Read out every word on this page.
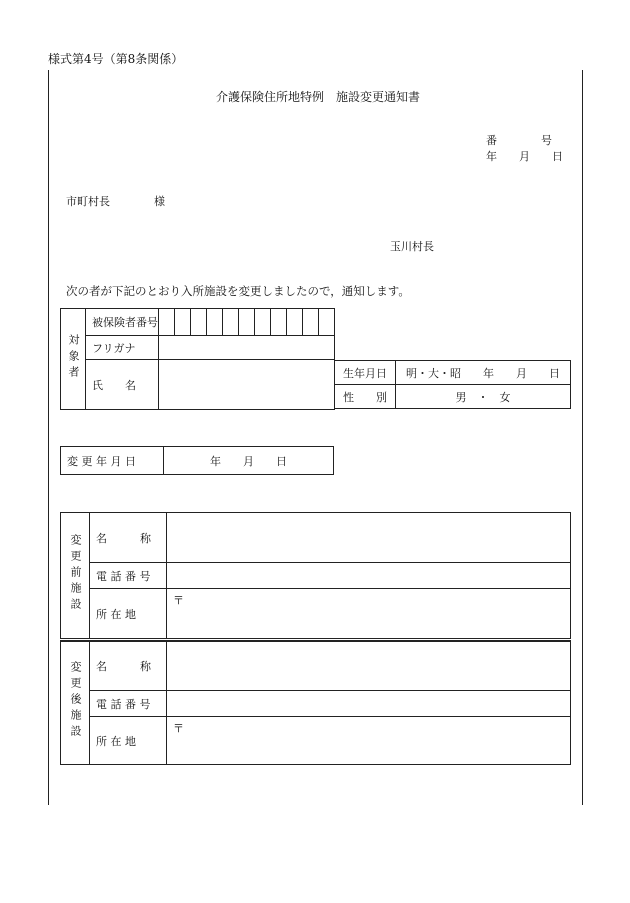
様式第4号（第8条関係）
介護保険住所地特例　施設変更通知書
番　　　　号
年　　月　　日
市町村長　　　　様
玉川村長
次の者が下記のとおり入所施設を変更しましたので，通知します。
対象者	被保険者番号	

	フリガナ	
	氏　　名	
生年月日	明・大・昭　　年　　月　　日
性　　別	男　・　女
変 更 年 月 日	年　　月　　日
変更前施設	名　　　称	
	電 話 番 号	
	所 在 地	〒
変更後施設	名　　　称	
	電 話 番 号	
	所 在 地	〒
